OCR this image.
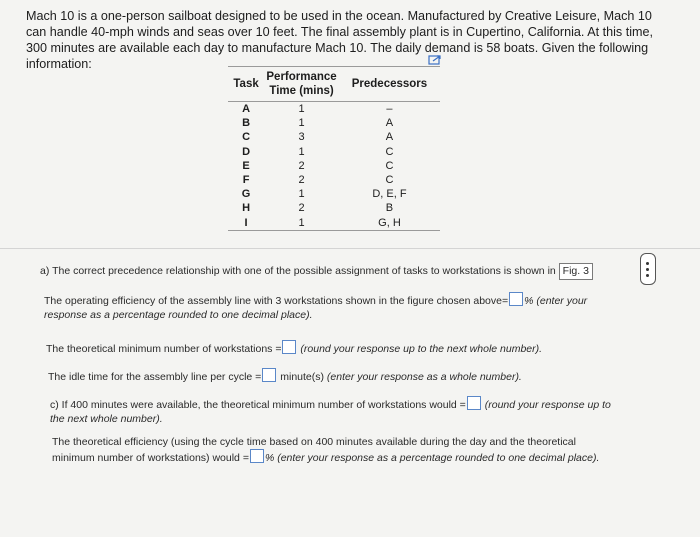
Mach 10 is a one-person sailboat designed to be used in the ocean. Manufactured by Creative Leisure, Mach 10 can handle 40-mph winds and seas over 10 feet. The final assembly plant is in Cupertino, California. At this time, 300 minutes are available each day to manufacture Mach 10. The daily demand is 58 boats. Given the following information:
Task	Performance Time (mins)	Predecessors
A	1	–
B	1	A
C	3	A
D	1	C
E	2	C
F	2	C
G	1	D, E, F
H	2	B
I	1	G, H
a) The correct precedence relationship with one of the possible assignment of tasks to workstations is shown in Fig. 3
The operating efficiency of the assembly line with 3 workstations shown in the figure chosen above= % (enter your response as a percentage rounded to one decimal place).
The theoretical minimum number of workstations = (round your response up to the next whole number).
The idle time for the assembly line per cycle = minute(s) (enter your response as a whole number).
c) If 400 minutes were available, the theoretical minimum number of workstations would = (round your response up to the next whole number).
The theoretical efficiency (using the cycle time based on 400 minutes available during the day and the theoretical minimum number of workstations) would = % (enter your response as a percentage rounded to one decimal place).
